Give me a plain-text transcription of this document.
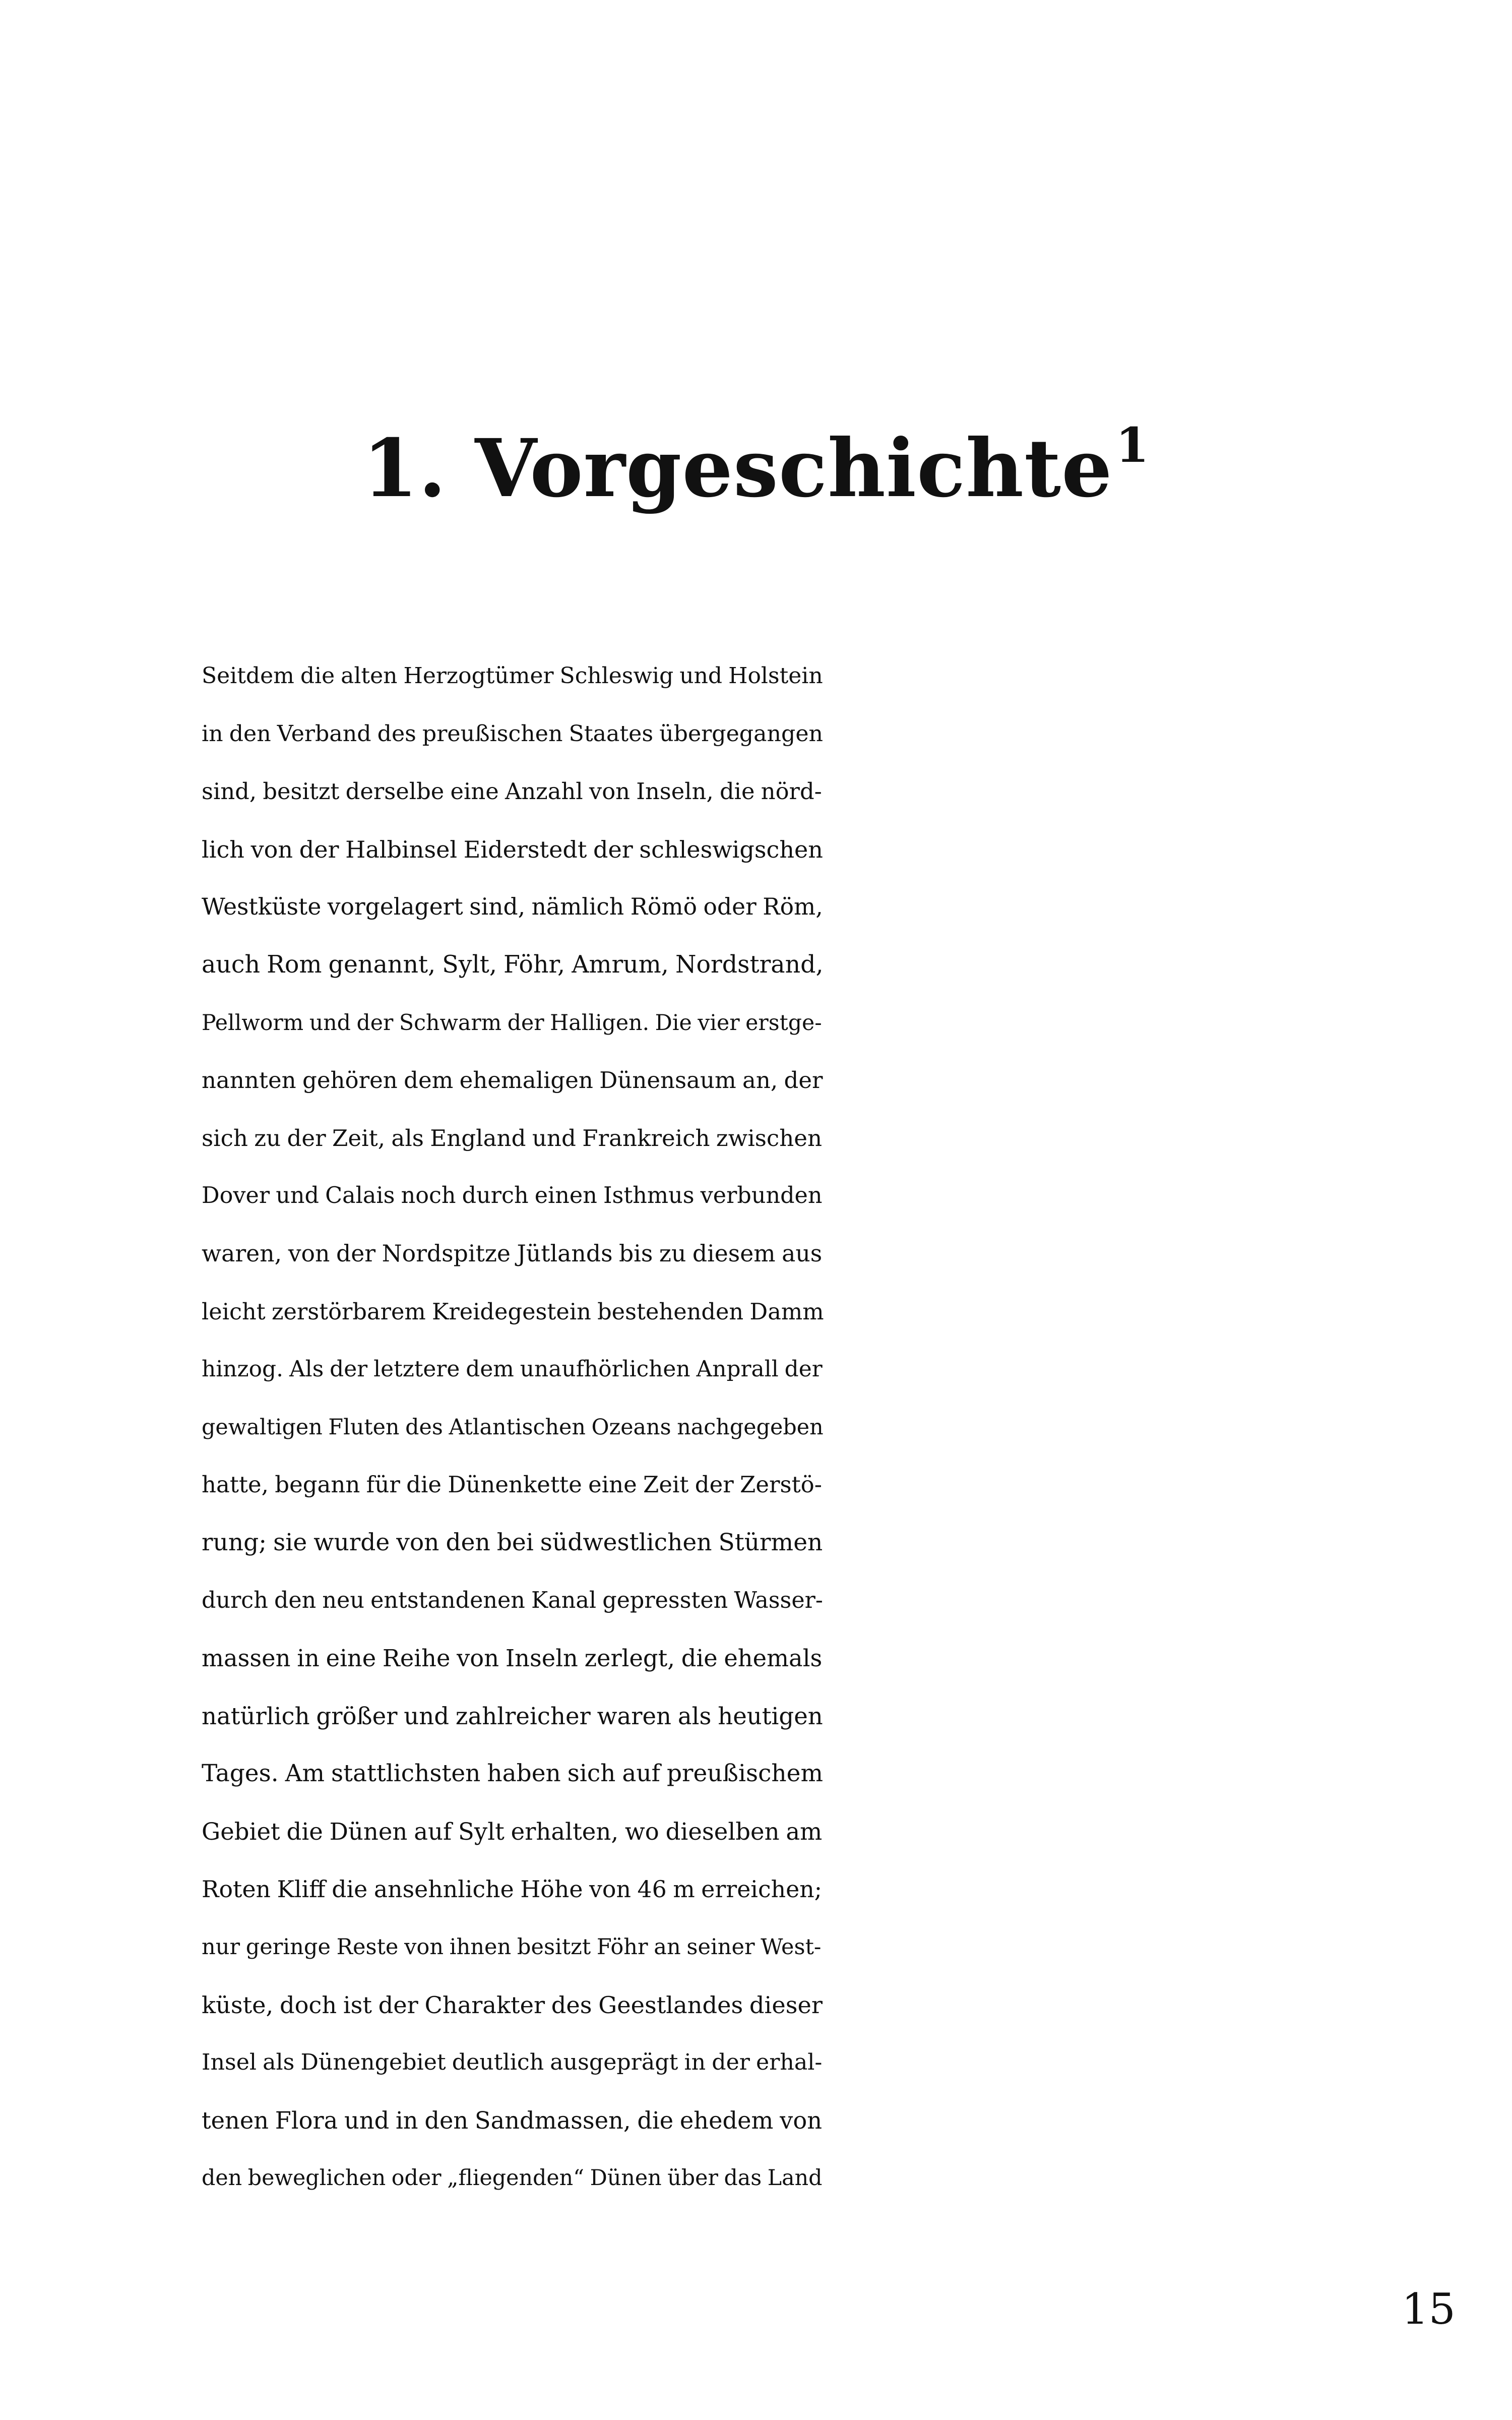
1. Vorgeschichte$^1$
Seitdem die alten Herzogtümer Schleswig und Holstein
in den Verband des preußischen Staates übergegangen
sind, besitzt derselbe eine Anzahl von Inseln, die nörd-
lich von der Halbinsel Eiderstedt der schleswigschen
Westküste vorgelagert sind, nämlich Römö oder Röm,
auch Rom genannt, Sylt, Föhr, Amrum, Nordstrand,
Pellworm und der Schwarm der Halligen. Die vier erstge-
nannten gehören dem ehemaligen Dünensaum an, der
sich zu der Zeit, als England und Frankreich zwischen
Dover und Calais noch durch einen Isthmus verbunden
waren, von der Nordspitze Jütlands bis zu diesem aus
leicht zerstörbarem Kreidegestein bestehenden Damm
hinzog. Als der letztere dem unaufhörlichen Anprall der
gewaltigen Fluten des Atlantischen Ozeans nachgegeben
hatte, begann für die Dünenkette eine Zeit der Zerstö-
rung; sie wurde von den bei südwestlichen Stürmen
durch den neu entstandenen Kanal gepressten Wasser-
massen in eine Reihe von Inseln zerlegt, die ehemals
natürlich größer und zahlreicher waren als heutigen
Tages. Am stattlichsten haben sich auf preußischem
Gebiet die Dünen auf Sylt erhalten, wo dieselben am
Roten Kliff die ansehnliche Höhe von 46 m erreichen;
nur geringe Reste von ihnen besitzt Föhr an seiner West-
küste, doch ist der Charakter des Geestlandes dieser
Insel als Dünengebiet deutlich ausgeprägt in der erhal-
tenen Flora und in den Sandmassen, die ehedem von
den beweglichen oder „fliegenden“ Dünen über das Land
15
